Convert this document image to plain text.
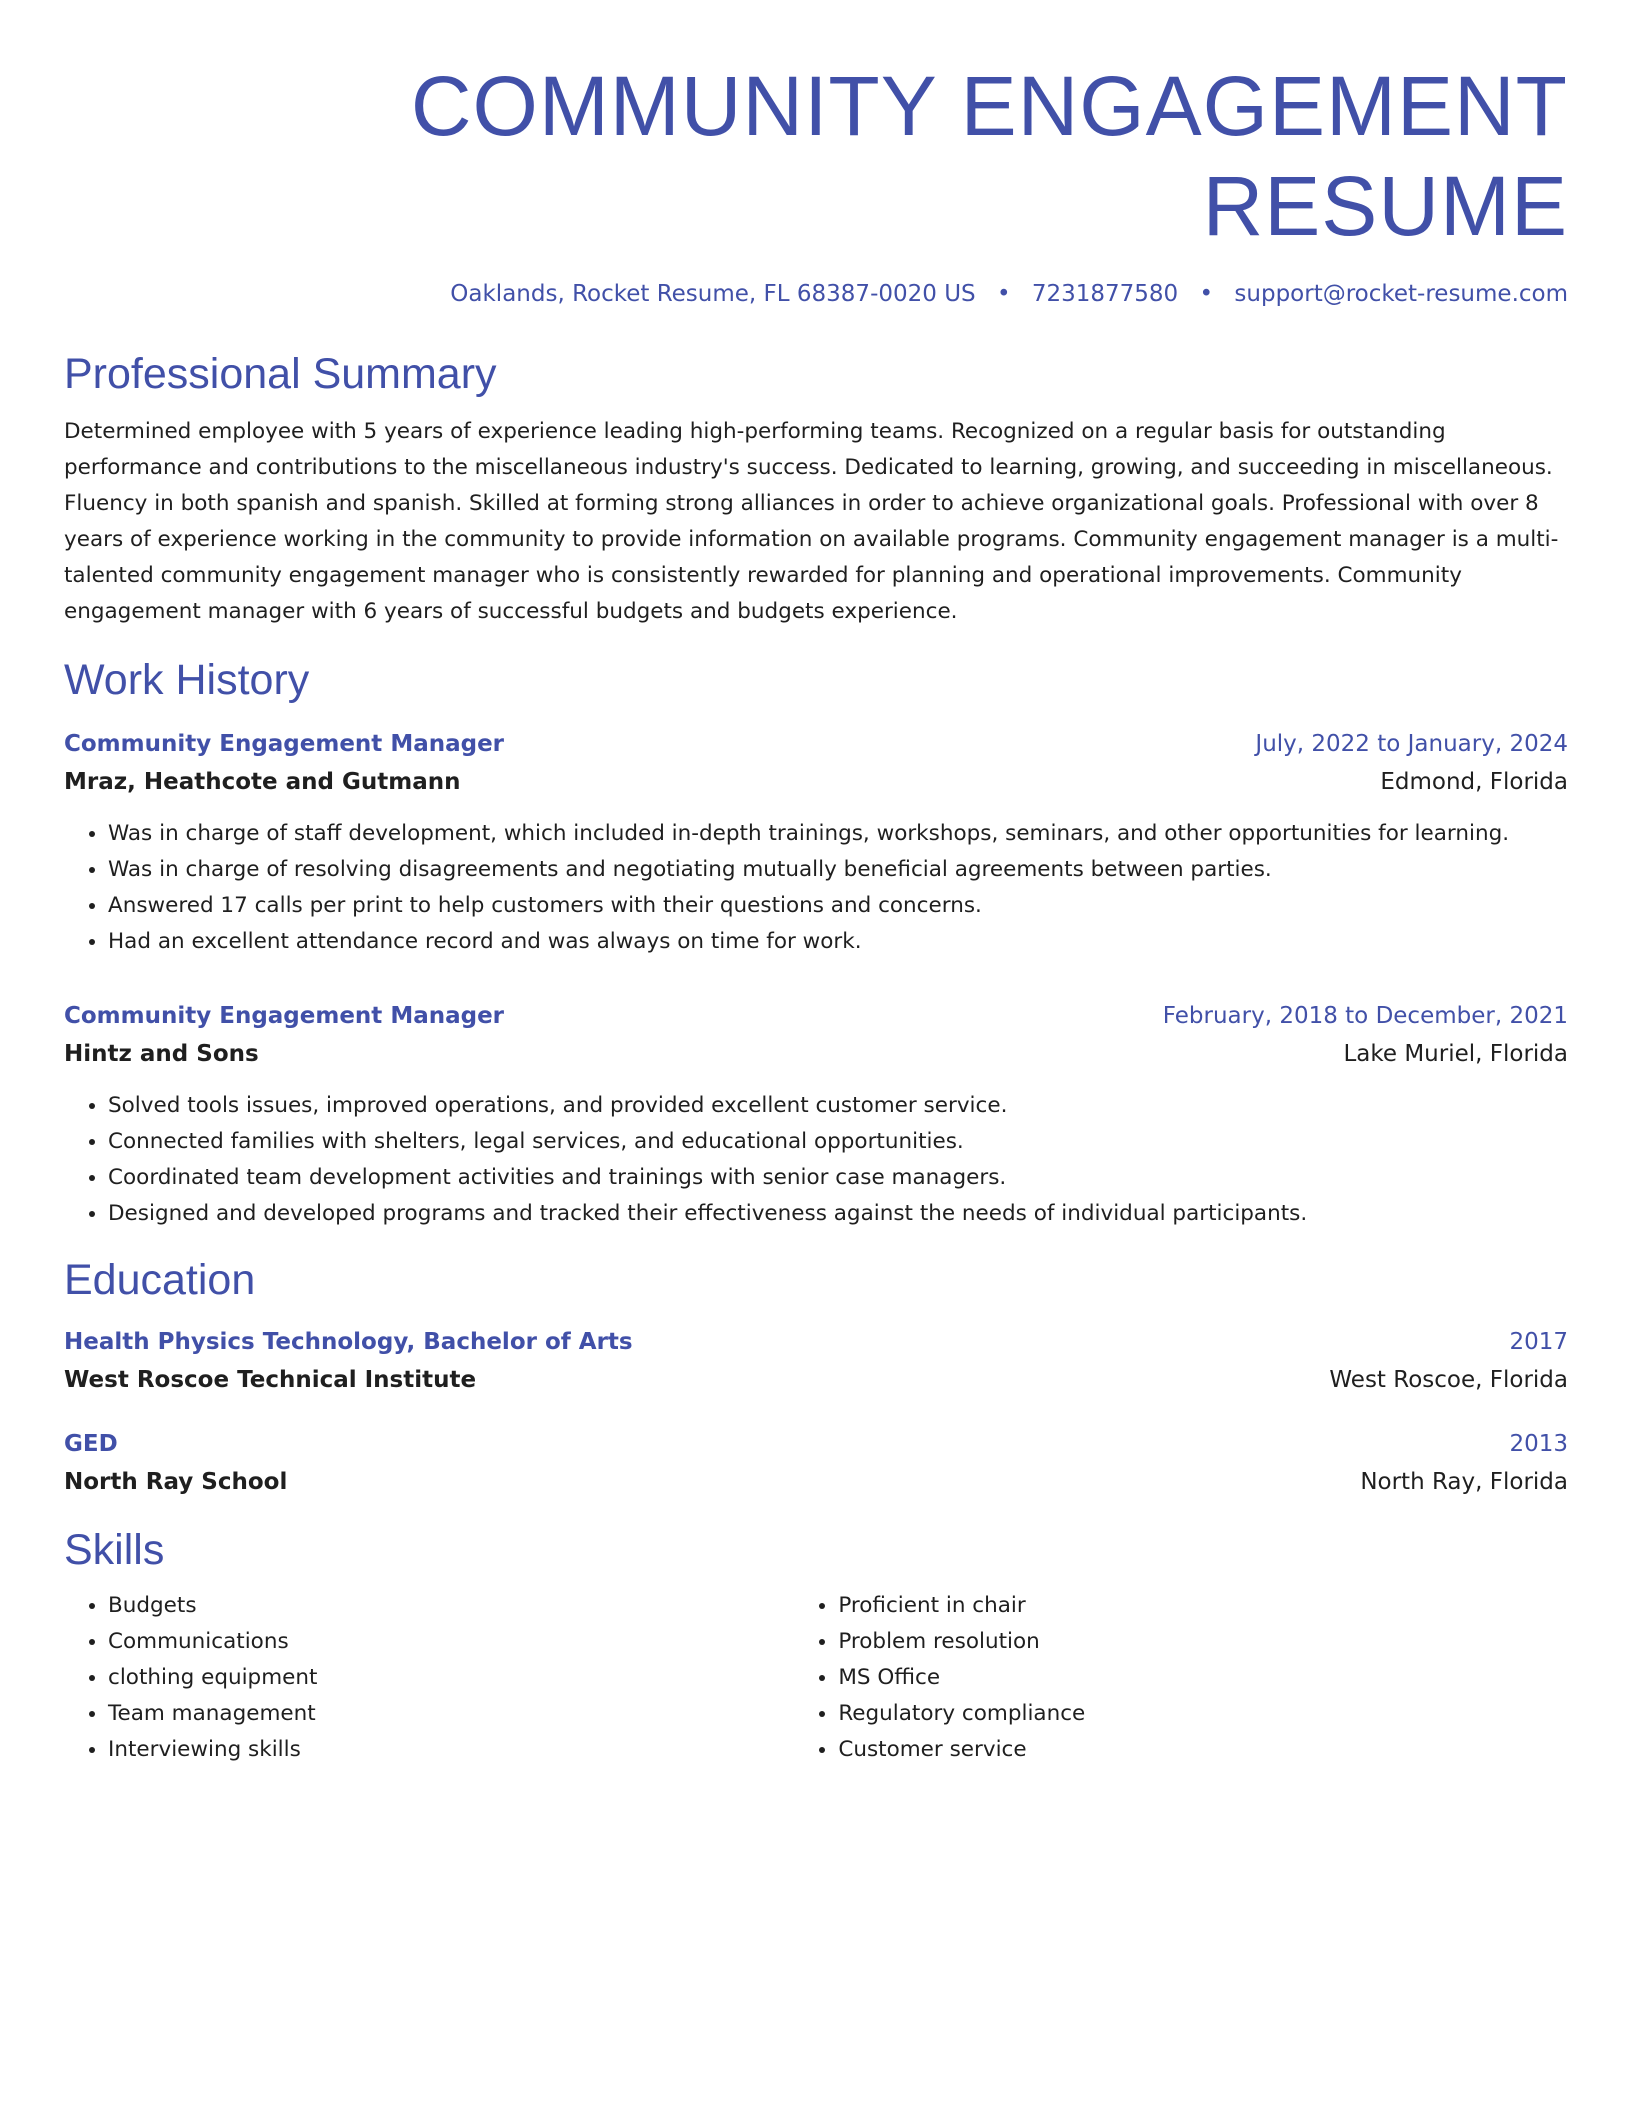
COMMUNITY ENGAGEMENT RESUME
Oaklands, Rocket Resume, FL 68387-0020 US • 7231877580 • support@rocket-resume.com
Professional Summary

Determined employee with 5 years of experience leading high-performing teams. Recognized on a regular basis for outstanding performance and contributions to the miscellaneous industry's success. Dedicated to learning, growing, and succeeding in miscellaneous. Fluency in both spanish and spanish. Skilled at forming strong alliances in order to achieve organizational goals. Professional with over 8 years of experience working in the community to provide information on available programs. Community engagement manager is a multi-talented community engagement manager who is consistently rewarded for planning and operational improvements. Community engagement manager with 6 years of successful budgets and budgets experience.

Work History
Community Engagement Manager	July, 2022 to January, 2024
Mraz, Heathcote and Gutmann	Edmond, Florida
• Was in charge of staff development, which included in-depth trainings, workshops, seminars, and other opportunities for learning.
• Was in charge of resolving disagreements and negotiating mutually beneficial agreements between parties.
• Answered 17 calls per print to help customers with their questions and concerns.
• Had an excellent attendance record and was always on time for work.
Community Engagement Manager	February, 2018 to December, 2021
Hintz and Sons	Lake Muriel, Florida
• Solved tools issues, improved operations, and provided excellent customer service.
• Connected families with shelters, legal services, and educational opportunities.
• Coordinated team development activities and trainings with senior case managers.
• Designed and developed programs and tracked their effectiveness against the needs of individual participants.
Education
Health Physics Technology, Bachelor of Arts	2017
West Roscoe Technical Institute	West Roscoe, Florida
GED	2013
North Ray School	North Ray, Florida
Skills
• Budgets
• Communications
• clothing equipment
• Team management
• Interviewing skills
• Proficient in chair
• Problem resolution
• MS Office
• Regulatory compliance
• Customer service
